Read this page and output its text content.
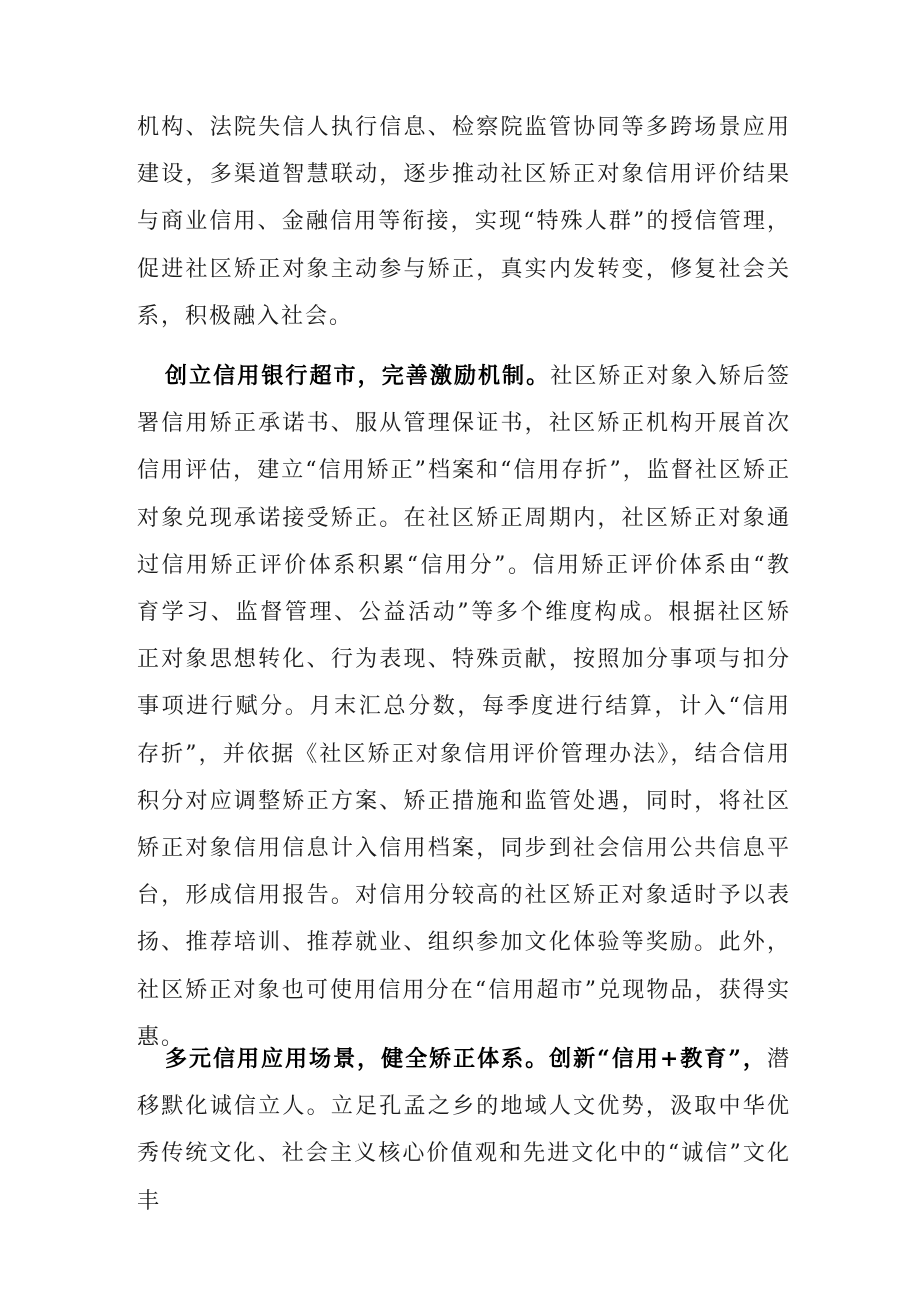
机构、法院失信人执行信息、检察院监管协同等多跨场景应用建设，多渠道智慧联动，逐步推动社区矫正对象信用评价结果与商业信用、金融信用等衔接，实现“特殊人群”的授信管理，促进社区矫正对象主动参与矫正，真实内发转变，修复社会关系，积极融入社会。

创立信用银行超市，完善激励机制。社区矫正对象入矫后签署信用矫正承诺书、服从管理保证书，社区矫正机构开展首次信用评估，建立“信用矫正”档案和“信用存折”，监督社区矫正对象兑现承诺接受矫正。在社区矫正周期内，社区矫正对象通过信用矫正评价体系积累“信用分”。信用矫正评价体系由“教育学习、监督管理、公益活动”等多个维度构成。根据社区矫正对象思想转化、行为表现、特殊贡献，按照加分事项与扣分事项进行赋分。月末汇总分数，每季度进行结算，计入“信用存折”，并依据《社区矫正对象信用评价管理办法》，结合信用积分对应调整矫正方案、矫正措施和监管处遇，同时，将社区矫正对象信用信息计入信用档案，同步到社会信用公共信息平台，形成信用报告。对信用分较高的社区矫正对象适时予以表扬、推荐培训、推荐就业、组织参加文化体验等奖励。此外，社区矫正对象也可使用信用分在“信用超市”兑现物品，获得实惠。

多元信用应用场景，健全矫正体系。创新“信用+教育”，潜移默化诚信立人。立足孔孟之乡的地域人文优势，汲取中华优秀传统文化、社会主义核心价值观和先进文化中的“诚信”文化丰
